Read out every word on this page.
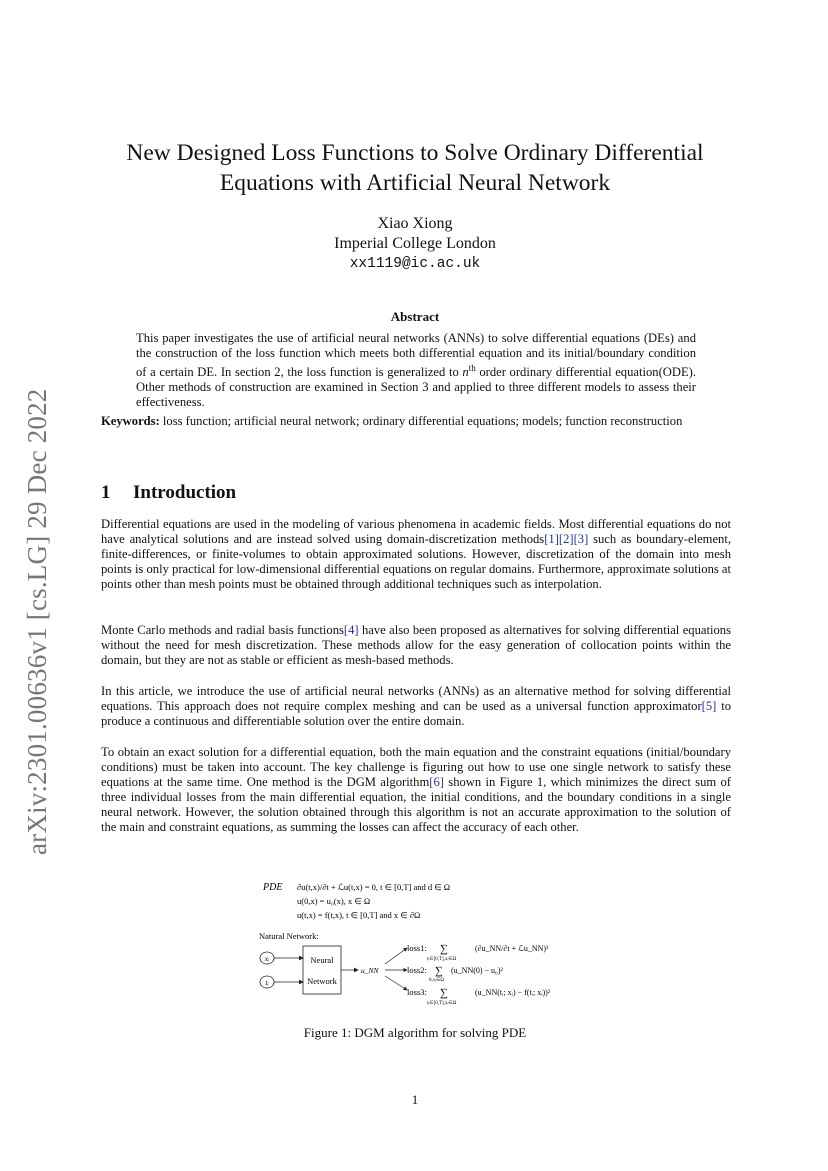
arXiv:2301.00636v1 [cs.LG] 29 Dec 2022
New Designed Loss Functions to Solve Ordinary Differential
Equations with Artificial Neural Network
Xiao Xiong
Imperial College London
xx1119@ic.ac.uk
Abstract
This paper investigates the use of artificial neural networks (ANNs) to solve differential equations (DEs) and the construction of the loss function which meets both differential equation and its initial/boundary condition of a certain DE. In section 2, the loss function is generalized to $n^{th}$ order ordinary differential equation(ODE). Other methods of construction are examined in Section 3 and applied to three different models to assess their effectiveness.
Keywords: loss function; artificial neural network; ordinary differential equations; models; function reconstruction
1 Introduction

Differential equations are used in the modeling of various phenomena in academic fields. Most differential equations do not have analytical solutions and are instead solved using domain-discretization methods[1][2][3] such as boundary-element, finite-differences, or finite-volumes to obtain approximated solutions. However, discretization of the domain into mesh points is only practical for low-dimensional differential equations on regular domains. Furthermore, approximate solutions at points other than mesh points must be obtained through additional techniques such as interpolation.

Monte Carlo methods and radial basis functions[4] have also been proposed as alternatives for solving differential equations without the need for mesh discretization. These methods allow for the easy generation of collocation points within the domain, but they are not as stable or efficient as mesh-based methods.

In this article, we introduce the use of artificial neural networks (ANNs) as an alternative method for solving differential equations. This approach does not require complex meshing and can be used as a universal function approximator[5] to produce a continuous and differentiable solution over the entire domain.

To obtain an exact solution for a differential equation, both the main equation and the constraint equations (initial/boundary conditions) must be taken into account. The key challenge is figuring out how to use one single network to satisfy these equations at the same time. One method is the DGM algorithm[6] shown in Figure 1, which minimizes the direct sum of three individual losses from the main differential equation, the initial conditions, and the boundary conditions in a single neural network. However, the solution obtained through this algorithm is not an accurate approximation to the solution of the main and constraint equations, as summing the losses can affect the accuracy of each other.

PDE ∂u(t,x)/∂t + ℒu(t,x) = 0, t ∈ [0,T] and d ∈ Ω
u(0,x) = u₀(x), x ∈ Ω
u(t,x) = f(t,x), t ∈ [0,T] and x ∈ ∂Ω
Natural Network:
xᵢ
tᵢ
Neural
Network
u_NN
loss1: ∑
tᵢ∈[0,T],xᵢ∈Ω
(∂u_NN/∂t + ℒu_NN)²
loss2: ∑
0,xᵢ∈Ω
(u_NN(0) − u₀)²
loss3: ∑
tᵢ∈[0,T],xᵢ∈Ω
(u_NN(tᵢ; xᵢ) − f(tᵢ; xᵢ))²
Figure 1: DGM algorithm for solving PDE
1
